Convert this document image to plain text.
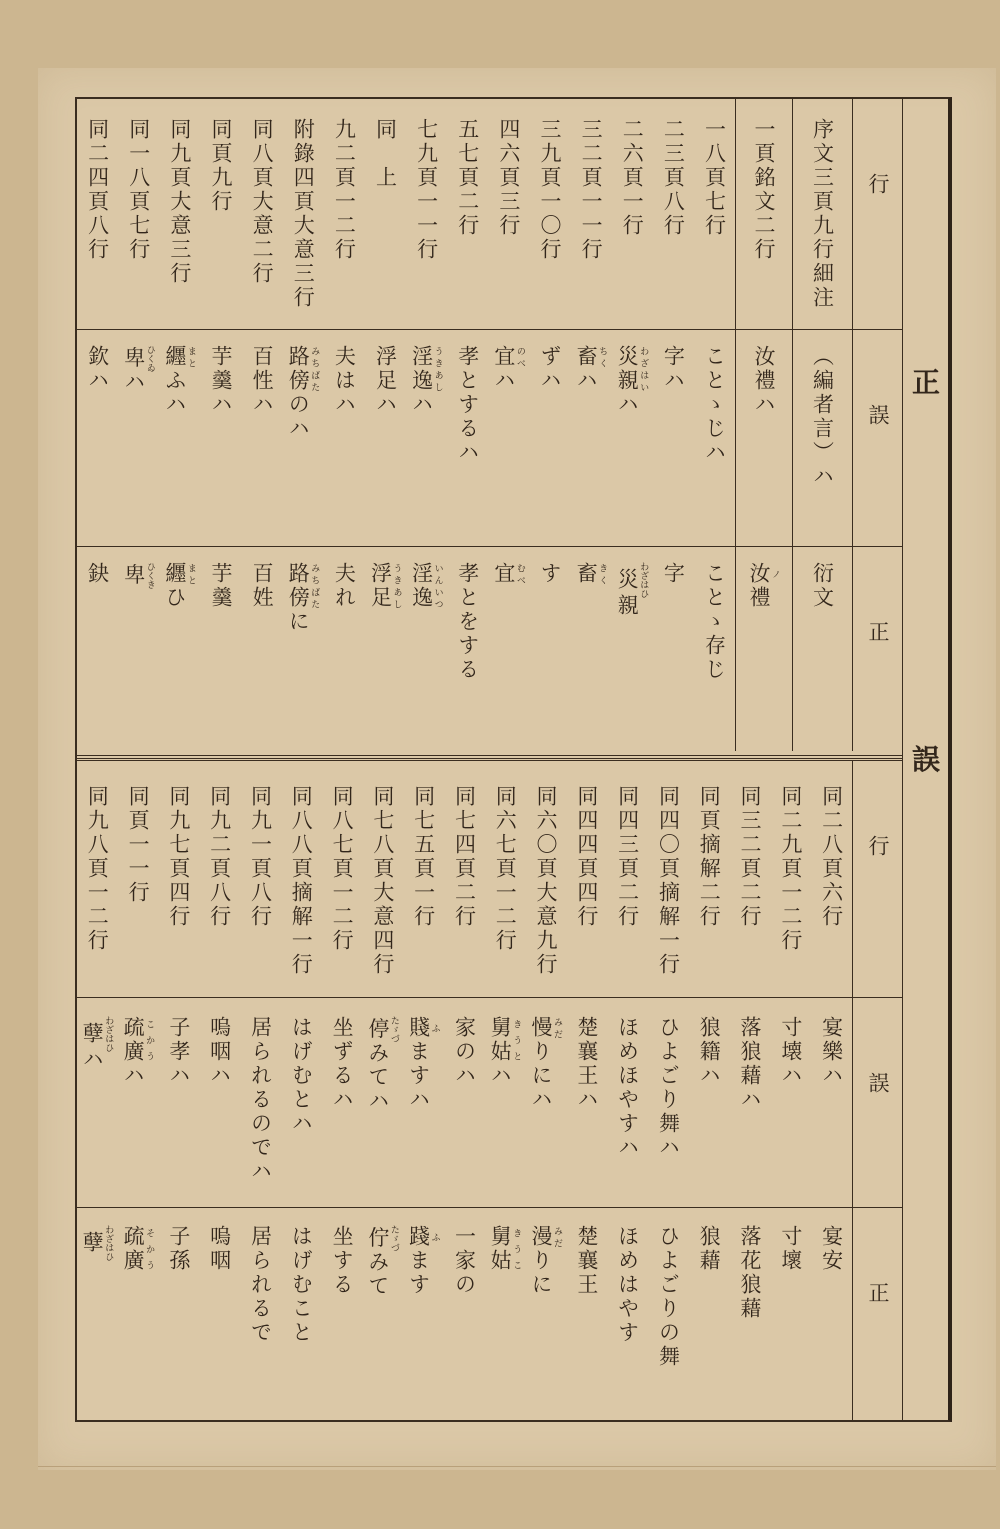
正
誤
行
序文三頁九行細注
一頁銘文二行
一八頁七行
二三頁八行
二六頁一行
三二頁一一行
三九頁一〇行
四六頁三行
五七頁二行
七九頁一一行
同　上
九二頁一二行
附錄四頁大意三行
同八頁大意二行
同頁九行
同九頁大意三行
同一八頁七行
同二四頁八行
誤
（編者言）ハ
汝禮ハ
ことゝじハ
字ハ
災親 わざはいハ
畜 ちくハ
ずハ
宜 のべハ
孝とするハ
淫逸 うきあしハ
浮足ハ
夫はハ
路傍 みちばたのハ
百性ハ
芋羹ハ
纒 まとふハ
卑 ひくゐハ
欽ハ
正
衍文
汝 ノ禮
ことゝ存じ
字
災 わざはひ親
畜 きく
す
宜 むべ
孝とをする
淫逸 いんいつ
浮足 うきあし
夫れ
路傍 みちばたに
百姓
芋羹
纒 まとひ
卑 ひくき
鈌
行
同二八頁六行
同二九頁一二行
同三二頁二行
同頁摘解二行
同四〇頁摘解一行
同四三頁二行
同四四頁四行
同六〇頁大意九行
同六七頁一二行
同七四頁二行
同七五頁一行
同七八頁大意四行
同八七頁一二行
同八八頁摘解一行
同九一頁八行
同九二頁八行
同九七頁四行
同頁一一行
同九八頁一二行
誤
宴樂ハ
寸壊ハ
落狼藉ハ
狼籍ハ
ひよごり舞ハ
ほめほやすハ
楚襄王ハ
慢 みだりにハ
舅姑 きうとハ
家のハ
賤 ふますハ
停 たゞづみてハ
坐ずるハ
はげむとハ
居られるのでハ
嗚咽ハ
子孝ハ
疏廣 こかうハ
孽 わざはひハ
正
宴安
寸壞
落花狼藉
狼藉
ひよごりの舞
ほめはやす
楚襄王
漫 みだりに
舅姑 きうこ
一家の
踐 ふます
佇 たゞづみて
坐する
はげむこと
居られるで
嗚咽
子孫
疏廣 そかう
孽 わざはひ
